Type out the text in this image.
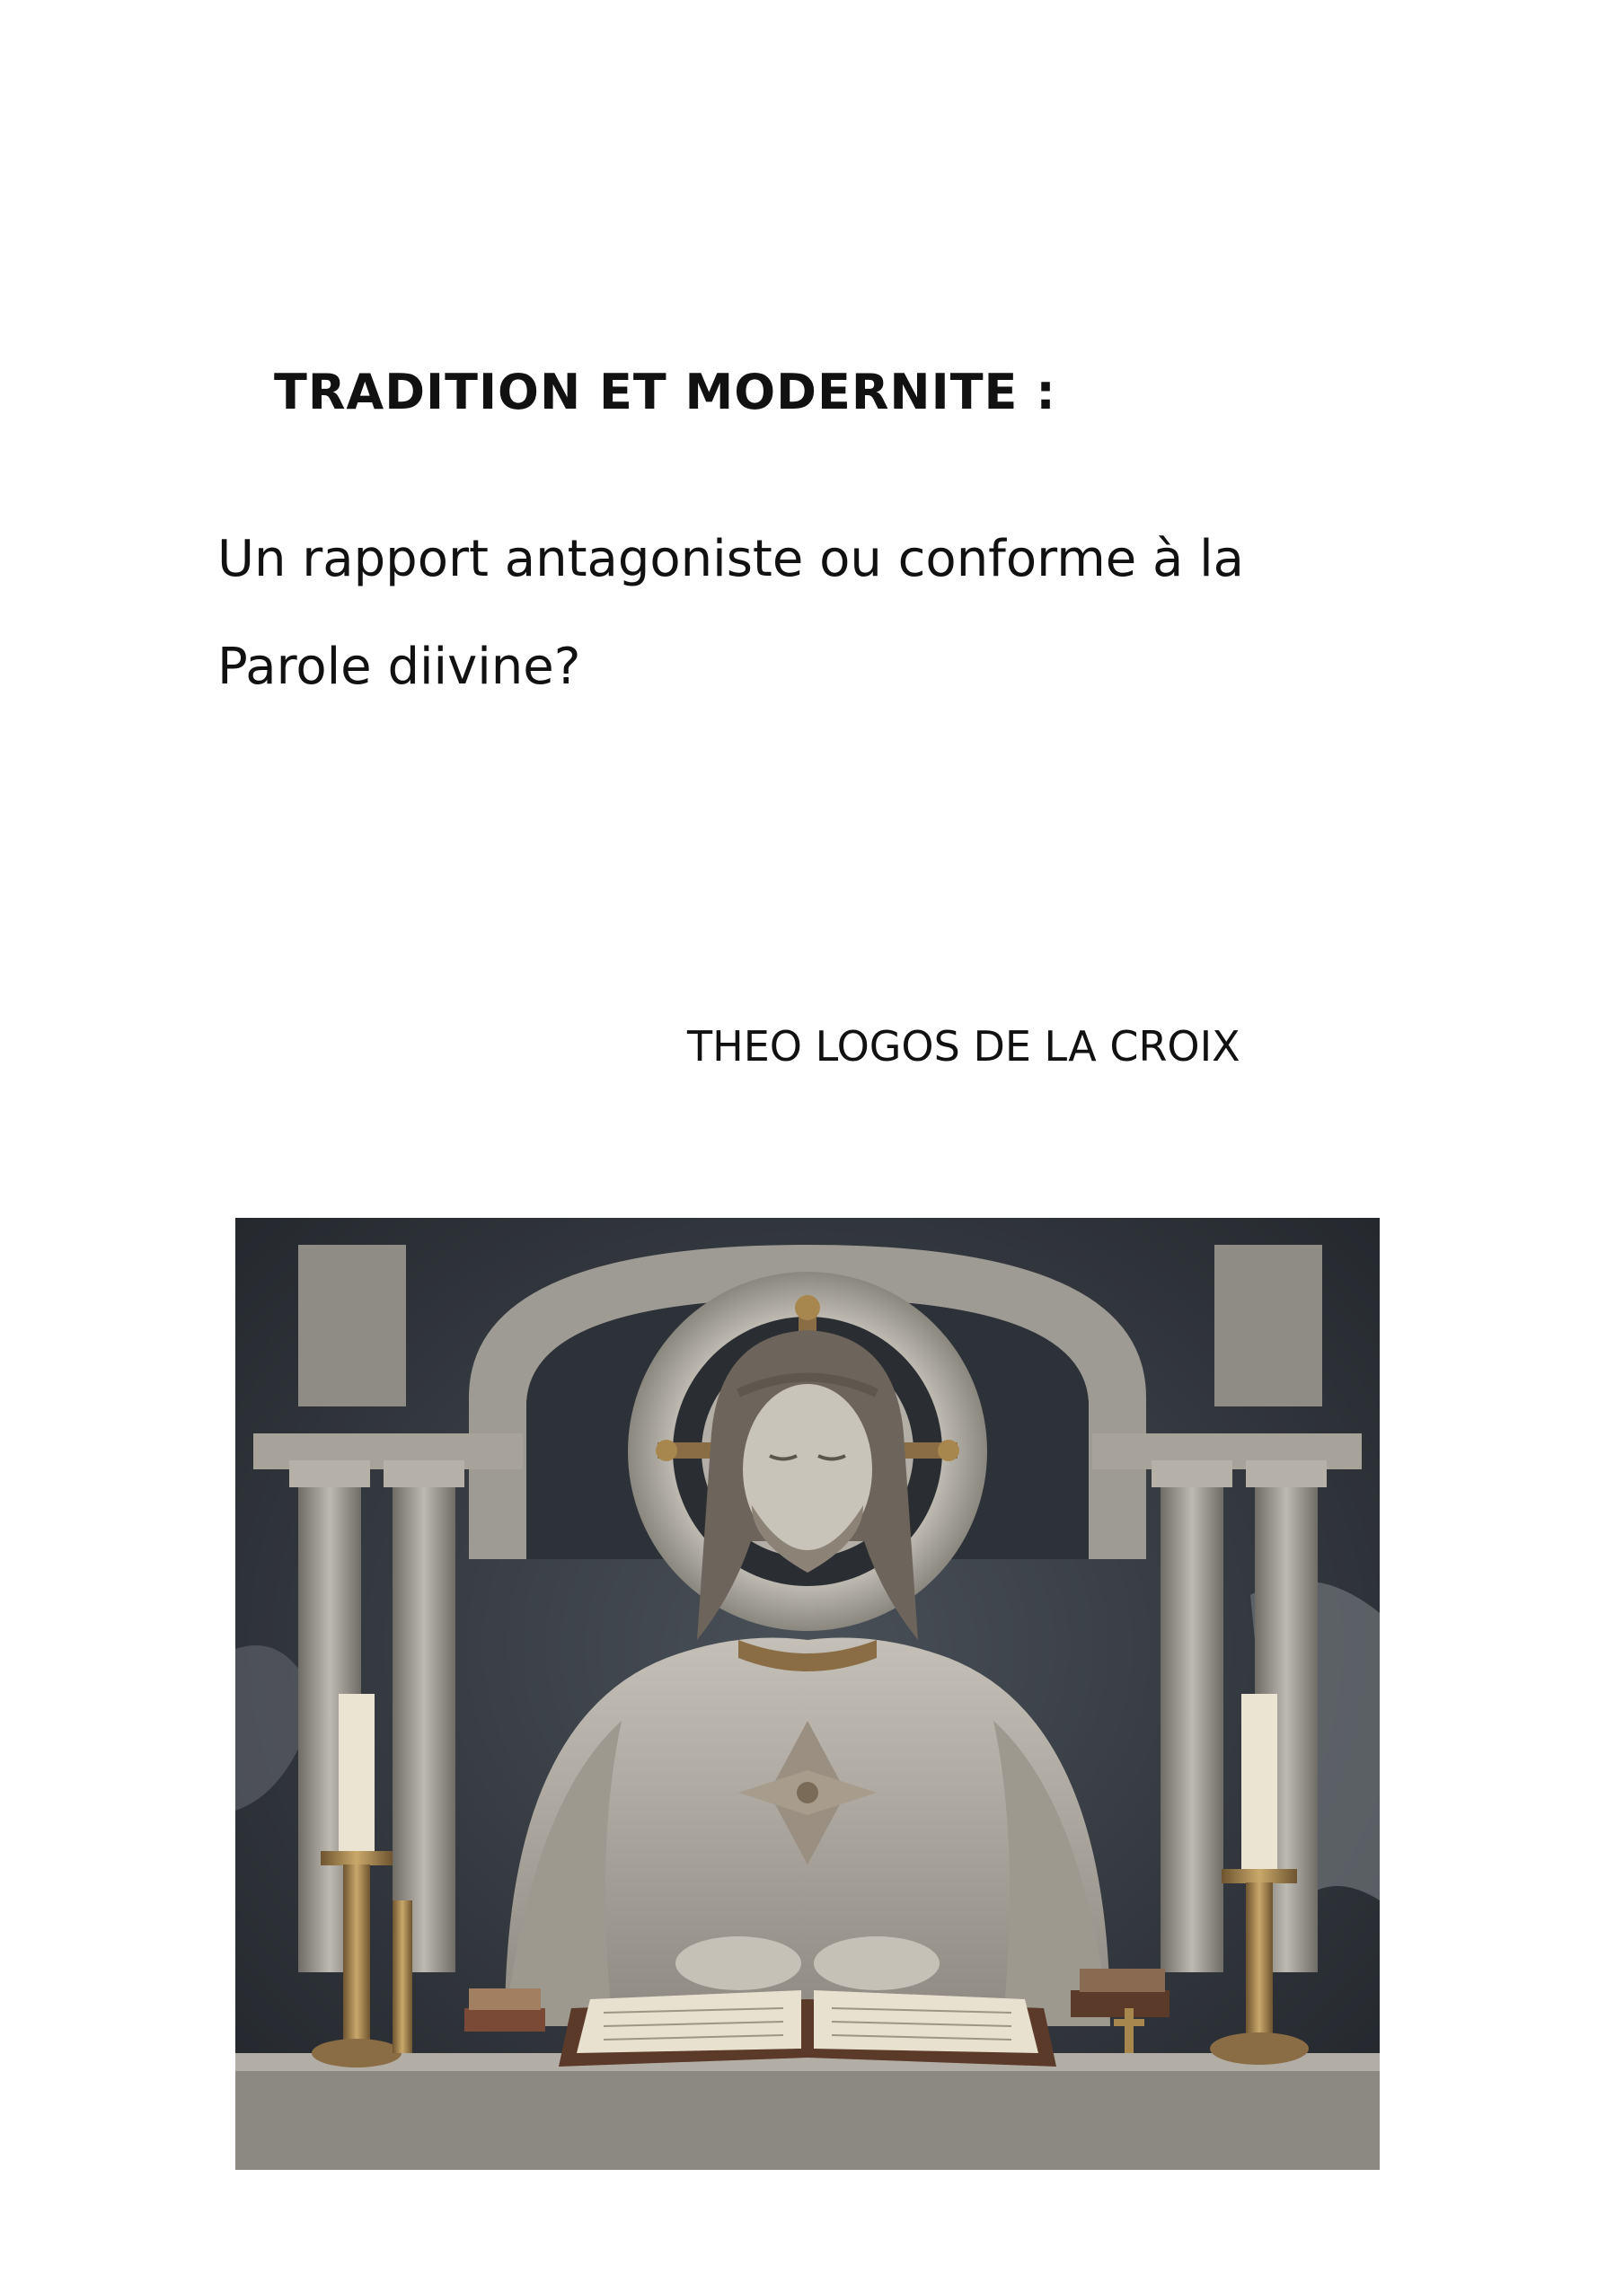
TRADITION ET MODERNITE :
Un rapport antagoniste ou conforme à la
Parole diivine?
THEO LOGOS DE LA CROIX
